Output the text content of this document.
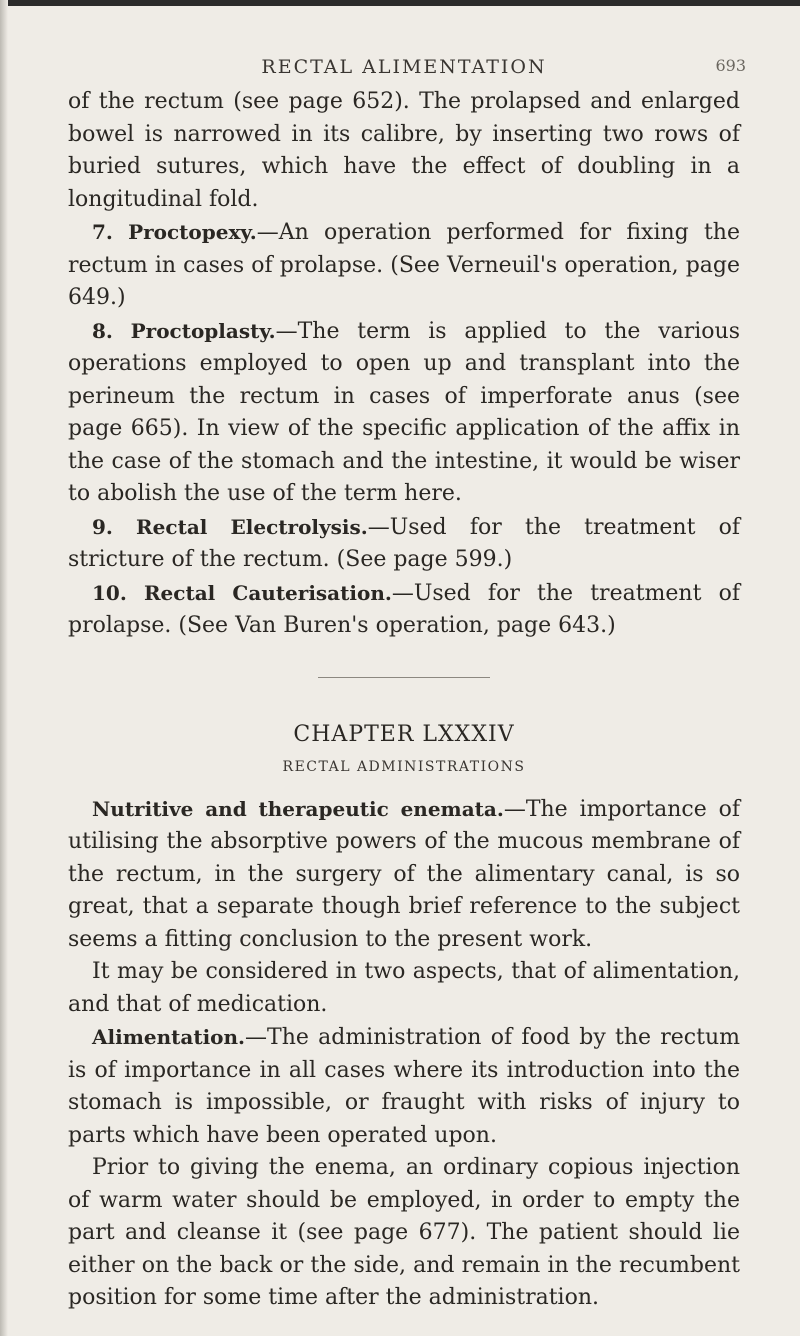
RECTAL ALIMENTATION	693

of the rectum (see page 652). The prolapsed and enlarged bowel is narrowed in its calibre, by inserting two rows of buried sutures, which have the effect of doubling in a longitudinal fold.

7. Proctopexy.—An operation performed for fixing the rectum in cases of prolapse. (See Verneuil's operation, page 649.)

8. Proctoplasty.—The term is applied to the various operations employed to open up and transplant into the perineum the rectum in cases of imperforate anus (see page 665). In view of the specific application of the affix in the case of the stomach and the intestine, it would be wiser to abolish the use of the term here.

9. Rectal Electrolysis.—Used for the treatment of stricture of the rectum. (See page 599.)

10. Rectal Cauterisation.—Used for the treatment of prolapse. (See Van Buren's operation, page 643.)

CHAPTER LXXXIV
RECTAL ADMINISTRATIONS

Nutritive and therapeutic enemata.—The importance of utilising the absorptive powers of the mucous membrane of the rectum, in the surgery of the alimentary canal, is so great, that a separate though brief reference to the subject seems a fitting conclusion to the present work.

It may be considered in two aspects, that of alimentation, and that of medication.

Alimentation.—The administration of food by the rectum is of importance in all cases where its introduction into the stomach is impossible, or fraught with risks of injury to parts which have been operated upon.

Prior to giving the enema, an ordinary copious injection of warm water should be employed, in order to empty the part and cleanse it (see page 677). The patient should lie either on the back or the side, and remain in the recumbent position for some time after the administration.
